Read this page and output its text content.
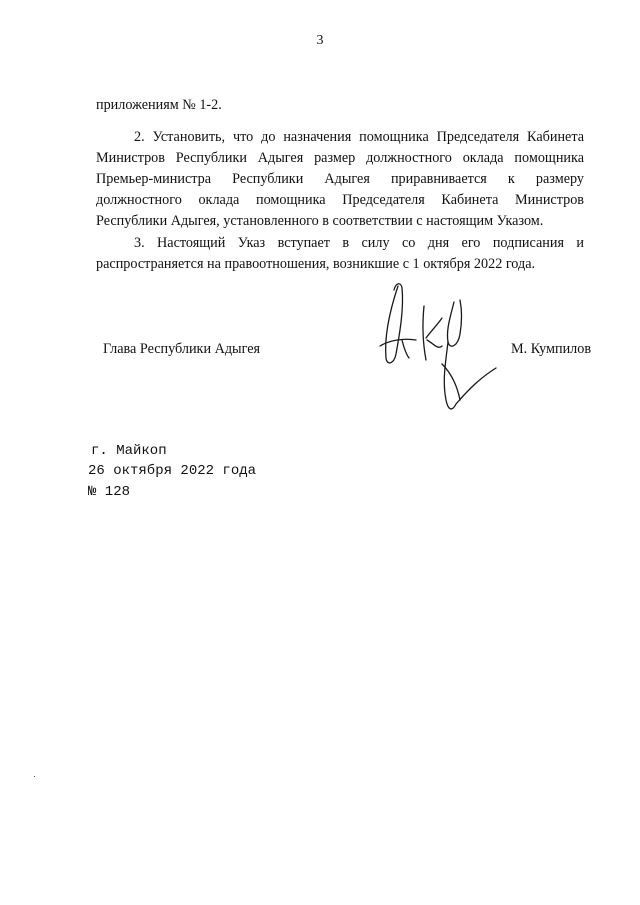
3
приложениям № 1-2.
2. Установить, что до назначения помощника Председателя Кабинета
Министров Республики Адыгея размер должностного оклада помощника
Премьер-министра Республики Адыгея приравнивается к размеру
должностного оклада помощника Председателя Кабинета Министров
Республики Адыгея, установленного в соответствии с настоящим Указом.
3. Настоящий Указ вступает в силу со дня его подписания и
распространяется на правоотношения, возникшие с 1 октября 2022 года.
Глава Республики Адыгея	М. Кумпилов
г. Майкоп
26 октября 2022 года
№ 128
